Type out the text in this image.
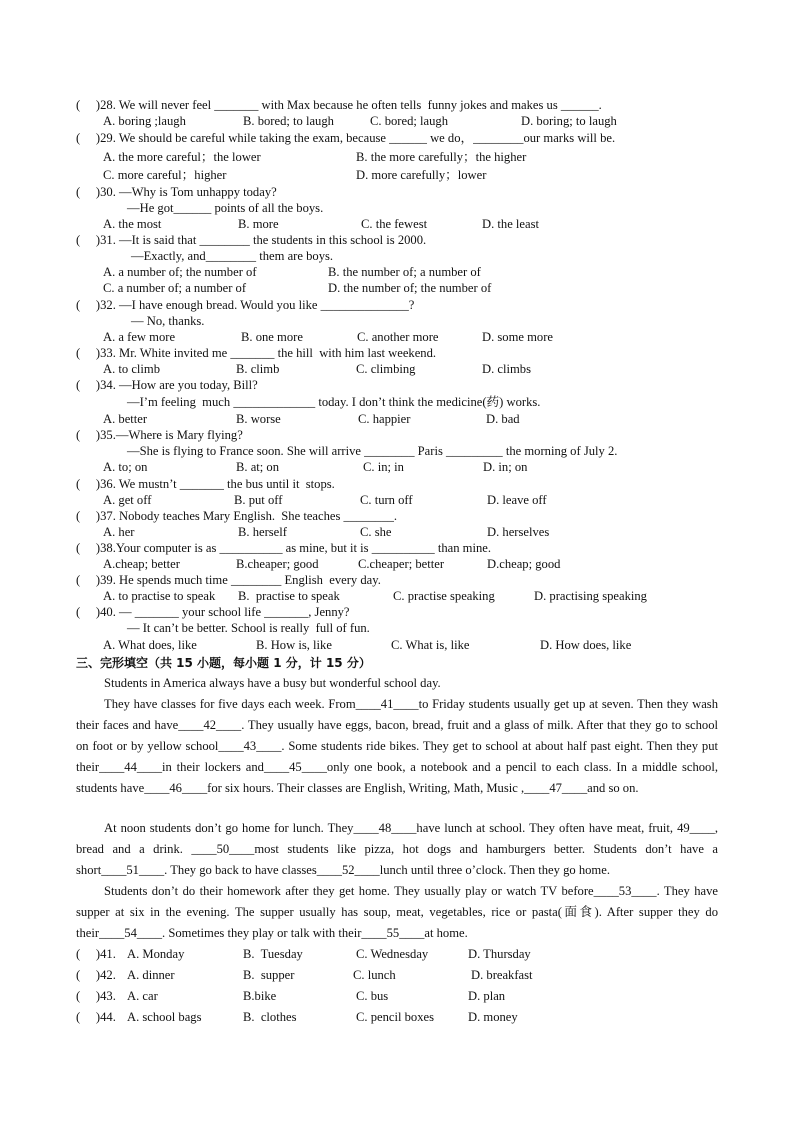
(     )28. We will never feel _______ with Max because he often tells  funny jokes and makes us ______.
A. boring ;laugh	B. bored; to laugh	C. bored; laugh	D. boring; to laugh
(     )29. We should be careful while taking the exam, because ______ we do，________our marks will be.
A. the more careful；the lower	B. the more carefully；the higher
C. more careful；higher	D. more carefully；lower
(     )30. —Why is Tom unhappy today?
—He got______ points of all the boys.
A. the most	B. more	C. the fewest	D. the least
(     )31. —It is said that ________ the students in this school is 2000.
—Exactly, and________ them are boys.
A. a number of; the number of	B. the number of; a number of
C. a number of; a number of	D. the number of; the number of
(     )32. —I have enough bread. Would you like ______________?
— No, thanks.
A. a few more	B. one more	C. another more	D. some more
(     )33. Mr. White invited me _______ the hill  with him last weekend.
A. to climb	B. climb	C. climbing	D. climbs
(     )34. —How are you today, Bill?
—I’m feeling  much _____________ today. I don’t think the medicine(药) works.
A. better	B. worse	C. happier	D. bad
(     )35.—Where is Mary flying?
—She is flying to France soon. She will arrive ________ Paris _________ the morning of July 2.
A. to; on	B. at; on	C. in; in	D. in; on
(     )36. We mustn’t _______ the bus until it  stops.
A. get off	B. put off	C. turn off	D. leave off
(     )37. Nobody teaches Mary English.  She teaches ________.
A. her	B. herself	C. she	D. herselves
(     )38.Your computer is as __________ as mine, but it is __________ than mine.
A.cheap; better	B.cheaper; good	C.cheaper; better	D.cheap; good
(     )39. He spends much time ________ English  every day.
A. to practise to speak B.  practise to speak	C. practise speaking	D. practising speaking
(     )40. — _______ your school life _______, Jenny?
— It can’t be better. School is really  full of fun.
A. What does, like	B. How is, like	C. What is, like	D. How does, like
三、完形填空（共 15 小题，每小题 1 分，计 15 分）
Students in America always have a busy but wonderful school day.
They have classes for five days each week. From____41____to Friday students usually get up at seven. Then they wash their faces and have____42____. They usually have eggs, bacon, bread, fruit and a glass of milk. After that they go to school on foot or by yellow school____43____. Some students ride bikes. They get to school at about half past eight. Then they put their____44____in their lockers and____45____only one book, a notebook and a pencil to each class. In a middle school, students have____46____for six hours. Their classes are English, Writing, Math, Music ,____47____and so on.
At noon students don’t go home for lunch. They____48____have lunch at school. They often have meat, fruit, 49____, bread and a drink. ____50____most students like pizza, hot dogs and hamburgers better. Students don’t have a short____51____. They go back to have classes____52____lunch until three o’clock. Then they go home.
Students don’t do their homework after they get home. They usually play or watch TV before____53____. They have supper at six in the evening. The supper usually has soup, meat, vegetables, rice or pasta(面食). After supper they do their____54____. Sometimes they play or talk with their____55____at home.
(     )41. A. Monday	B.  Tuesday	C. Wednesday	D. Thursday
(     )42. A. dinner	B.  supper	C. lunch	D. breakfast
(     )43. A. car	B.bike	C. bus	D. plan
(     )44. A. school bags	B.  clothes	C. pencil boxes	D. money
